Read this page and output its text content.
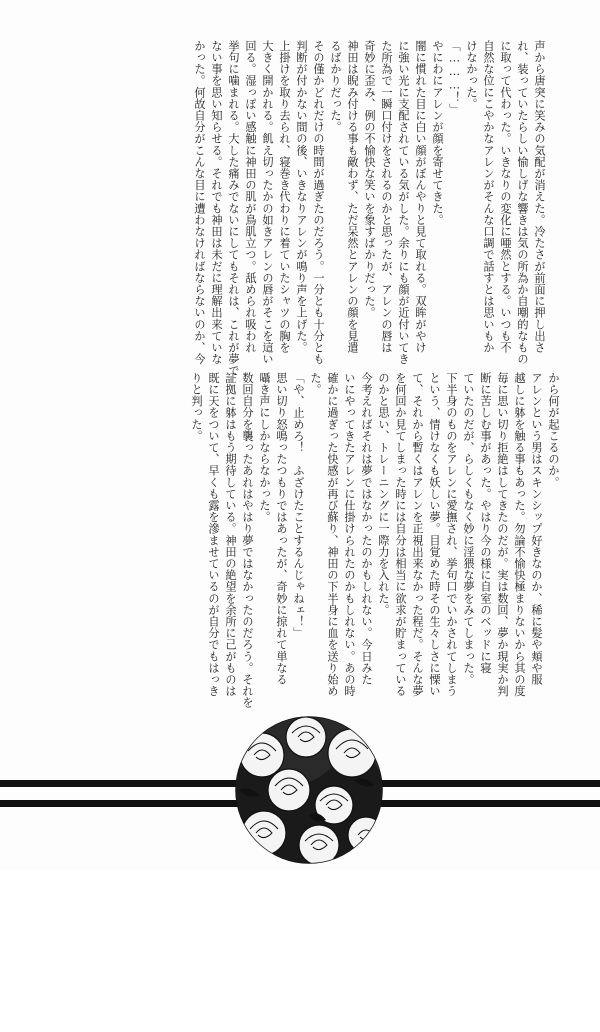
声から唐突に笑みの気配が消えた。冷たさが前面に押し出さ

れ、装っていたらしい愉しげな響きは気の所為か自嘲的なもの

に取って代わった。いきなりの変化に唖然とする。いつも不

自然な位にこやかなアレンがそんな口調で話すとは思いもか

けなかった。

「………！」

やにわにアレンが顔を寄せてきた。

闇に慣れた目に白い顔がぼんやりと見て取れる。双眸がやけ

に強い光に支配されている気がした。余りにも顔が近付いてき

た所為で一瞬口付けをされるのかと思ったが、アレンの唇は

奇妙に歪み、例の不愉快な笑いを象すばかりだった。

神田は睨み付ける事も敵わず、ただ呆然とアレンの顔を見遣

るばかりだった。

その僅かどれだけの時間が過ぎたのだろう。一分とも十分とも

判断が付かない間の後、いきなりアレンが鳴り声を上げた。

上掛けを取り去られ、寝巻き代わりに着ていたシャツの胸を

大きく開かれる。飢え切ったかの如きアレンの唇がそこを這い

回る。湿っぽい感触に神田の肌が鳥肌立つ。舐められ吸われ

挙句に噛まれる。大した痛みでないにしてもそれは、これが夢で

ない事を思い知らせる。それでも神田は未だに理解出来ていな

かった。何故自分がこんな目に遭わなければならないのか、今

から何が起こるのか。

アレンという男はスキンシップ好きなのか、稀に髪や頬や服

越しに躰を触る事もあった。勿論不愉快極まりないから其の度

毎に思い切り拒絶はしてきたのだが。実は数回、夢か現実か判

断に苦しむ事があった。やはり今の様に自室のベッドに寝

ていたのだが、らしくもなく妙に淫猥な夢をみてしまった。

下半身のものをアレンに愛撫され、挙句口でいかされてしまう

という、情けなくも妖しい夢。目覚めた時その生々しさに慄い

て、それから暫くはアレンを正視出来なかった程だ。そんな夢

を何回か見てしまった時には自分は相当に欲求が貯まっている

のかと思い、トレーニングに一際力を入れた。

今考えればそれは夢ではなかったのかもしれない。今日みた

いにやってきたアレンに仕掛けられたのかもしれない。あの時

確かに過ぎった快感が再び蘇り、神田の下半身に血を送り始め

た。

「や、止めろ！　ふざけたことするんじゃねェ！」

思い切り怒鳴ったつもりではあったが、奇妙に掠れて単なる

囁き声にしかならなかった。

数回自分を襲ったあれはやはり夢ではなかったのだろう。それを

証拠に躰はもう期待している。神田の絶望を余所に己がものは

既に天をついて、早くも露を滲ませているのが自分でもはっき

りと判った。
